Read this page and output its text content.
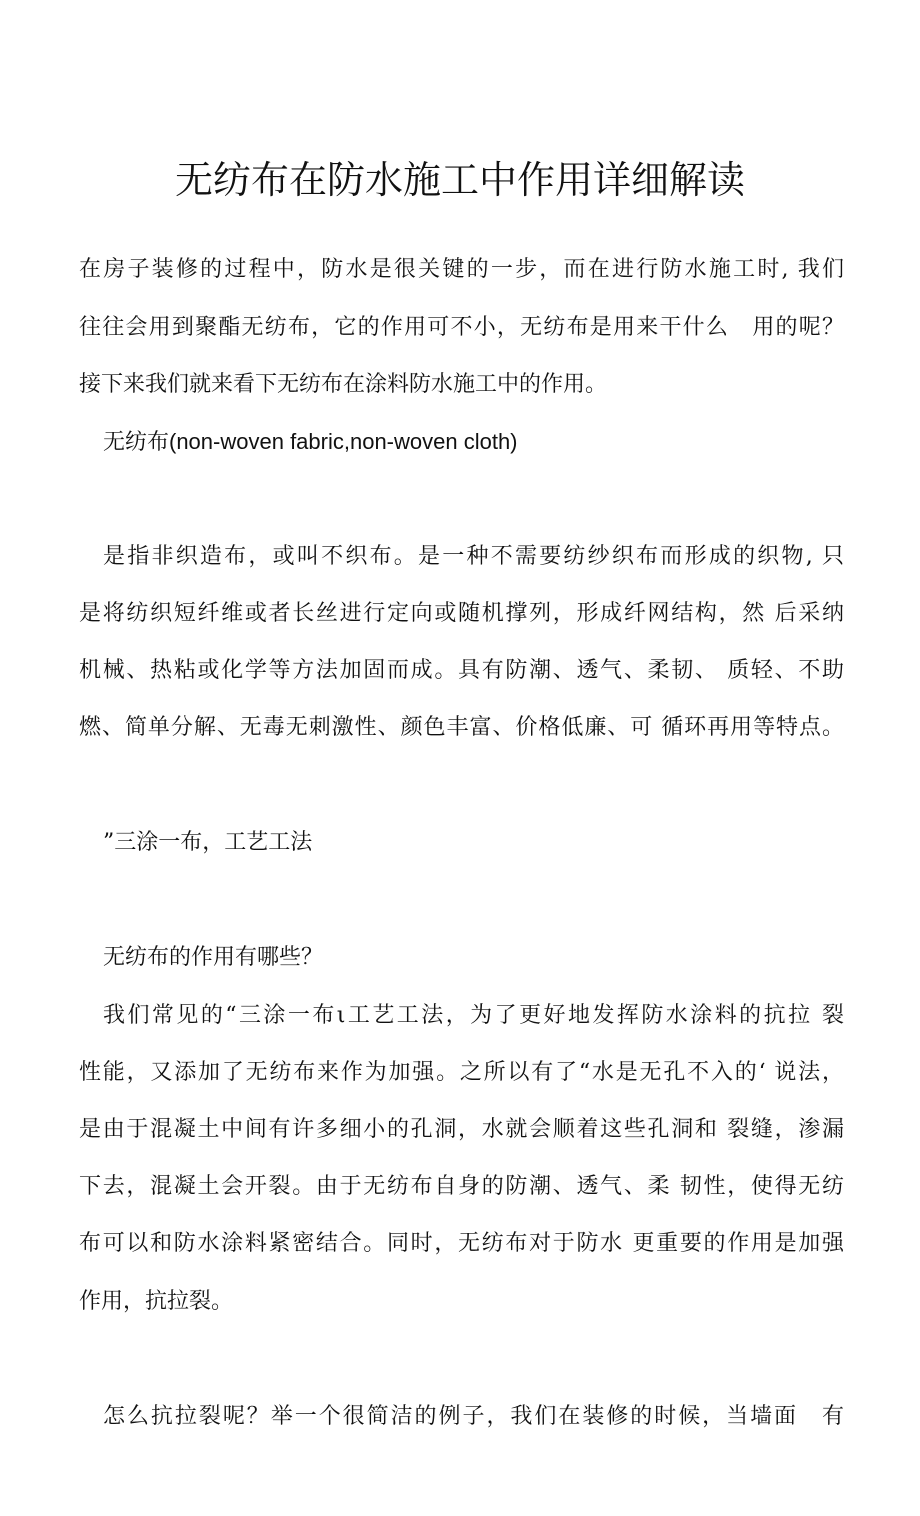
无纺布在防水施工中作用详细解读
在房子装修的过程中，防水是很关键的一步，而在进行防水施工时, 我们
往往会用到聚酯无纺布，它的作用可不小，无纺布是用来干什么　用的呢？
接下来我们就来看下无纺布在涂料防水施工中的作用。
无纺布(non-woven fabric,non-woven cloth)
是指非织造布，或叫不织布。是一种不需要纺纱织布而形成的织物, 只
是将纺织短纤维或者长丝进行定向或随机撑列，形成纤网结构，然 后采纳
机械、热粘或化学等方法加固而成。具有防潮、透气、柔韧、 质轻、不助
燃、简单分解、无毒无刺激性、颜色丰富、价格低廉、可 循环再用等特点。
”三涂一布，工艺工法
无纺布的作用有哪些？
我们常见的“三涂一布ι工艺工法，为了更好地发挥防水涂料的抗拉 裂
性能，又添加了无纺布来作为加强。之所以有了“水是无孔不入的‘ 说法，
是由于混凝土中间有许多细小的孔洞，水就会顺着这些孔洞和 裂缝，渗漏
下去，混凝土会开裂。由于无纺布自身的防潮、透气、柔 韧性，使得无纺
布可以和防水涂料紧密结合。同时，无纺布对于防水 更重要的作用是加强
作用，抗拉裂。
怎么抗拉裂呢？举一个很简洁的例子，我们在装修的时候，当墙面　有
